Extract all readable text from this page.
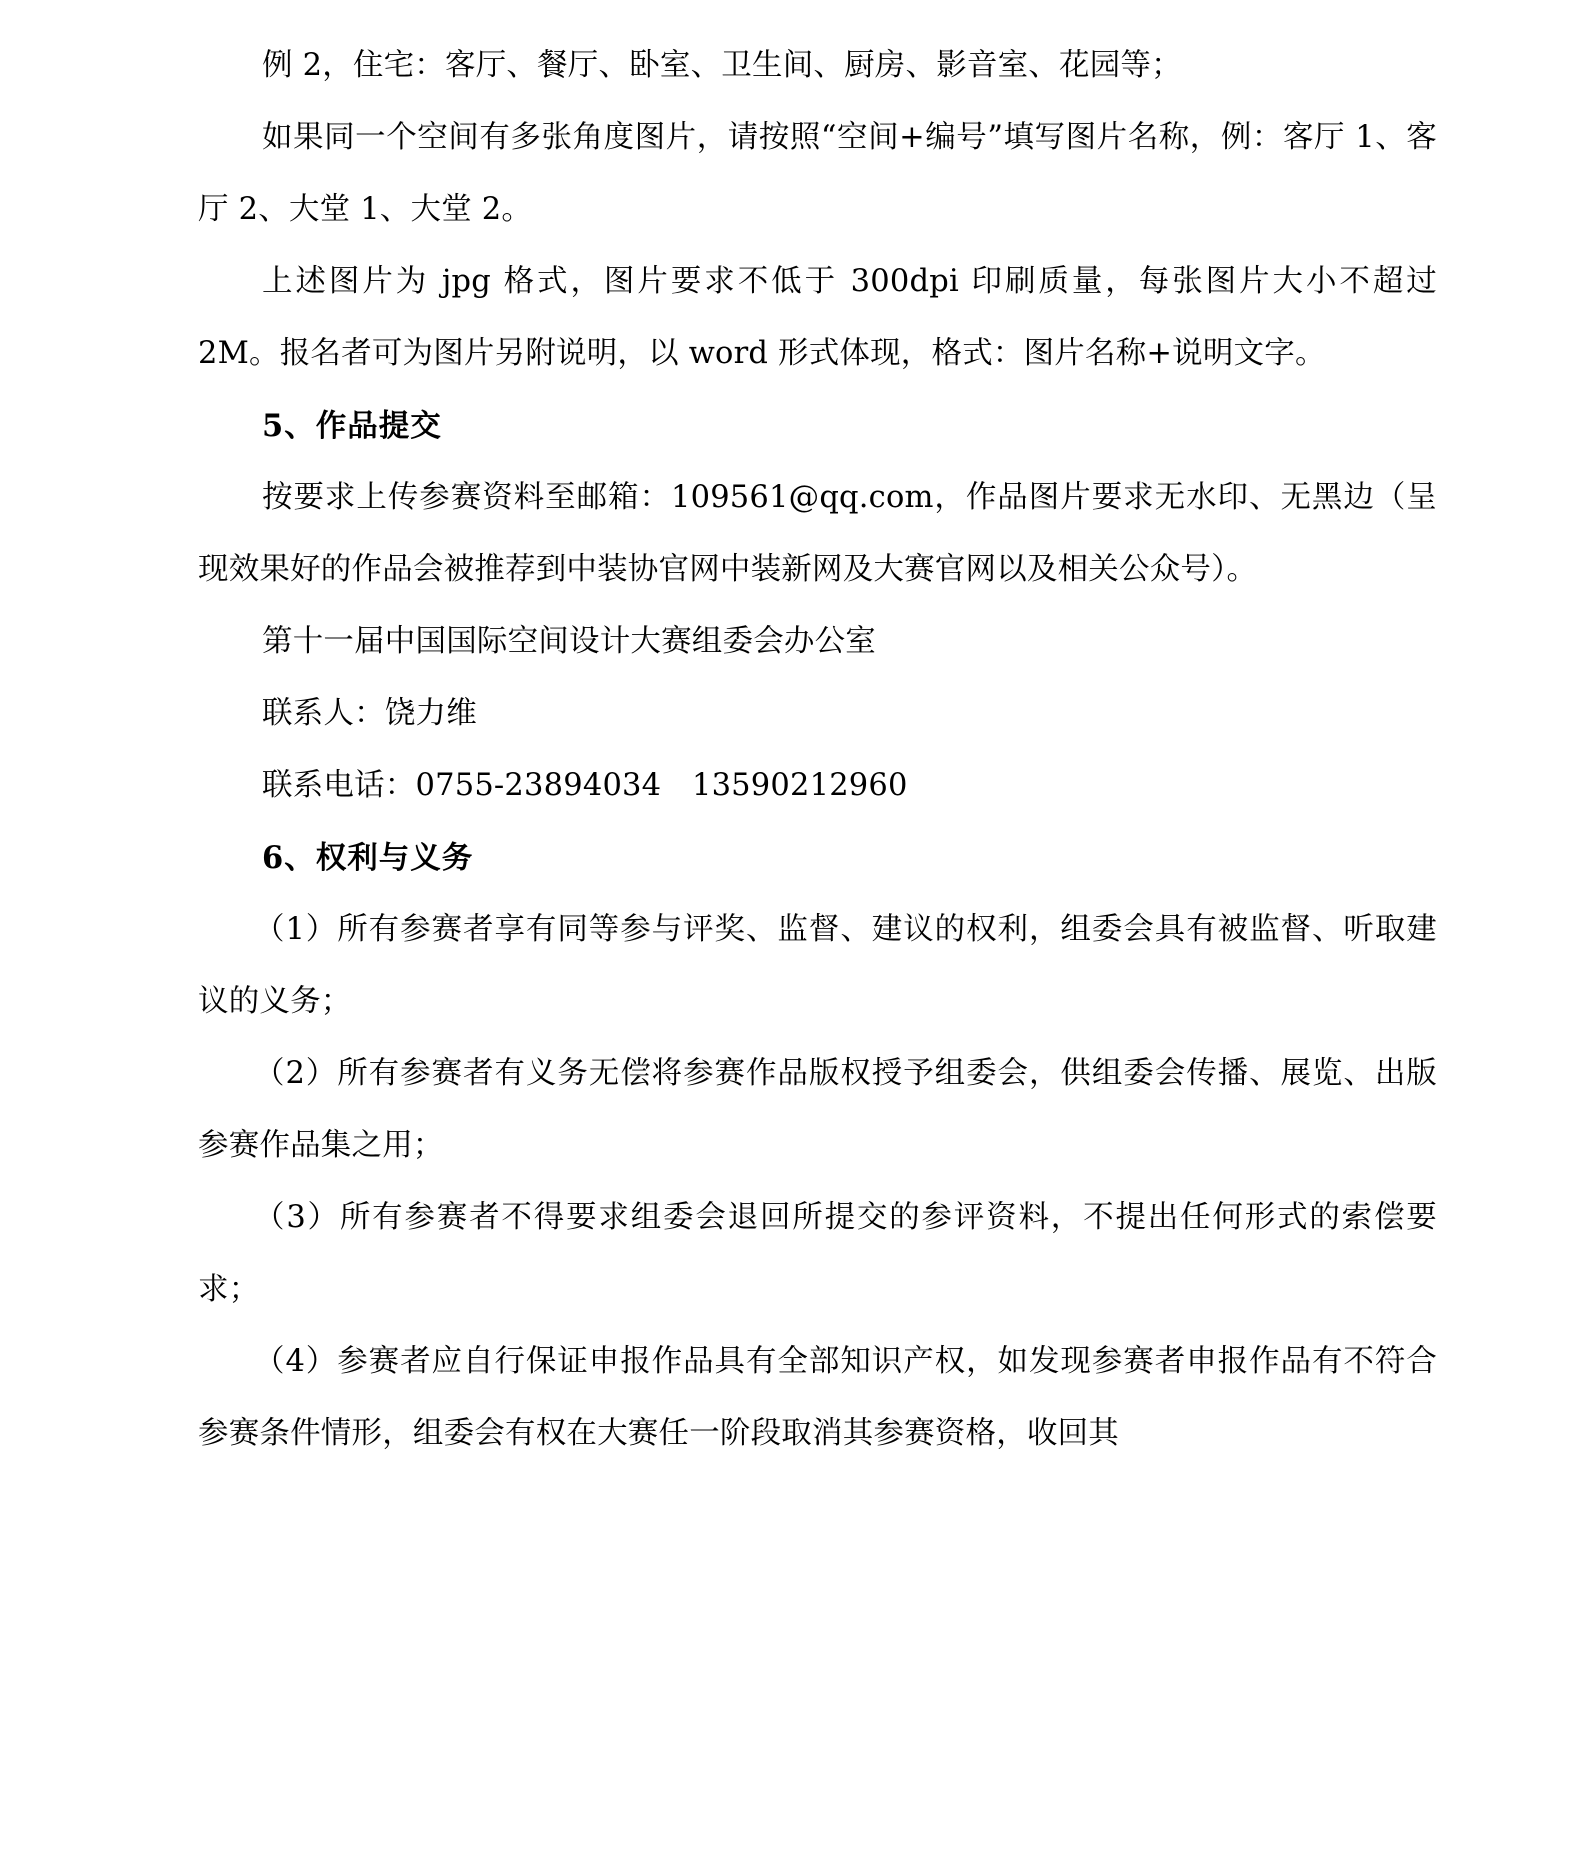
例 2，住宅：客厅、餐厅、卧室、卫生间、厨房、影音室、花园等；

如果同一个空间有多张角度图片，请按照“空间+编号”填写图片名称，例：客厅 1、客厅 2、大堂 1、大堂 2。

上述图片为 jpg 格式，图片要求不低于 300dpi 印刷质量，每张图片大小不超过 2M。报名者可为图片另附说明，以 word 形式体现，格式：图片名称+说明文字。

5、作品提交

按要求上传参赛资料至邮箱：109561@qq.com，作品图片要求无水印、无黑边（呈现效果好的作品会被推荐到中装协官网中装新网及大赛官网以及相关公众号）。

第十一届中国国际空间设计大赛组委会办公室

联系人：饶力维

联系电话：0755-23894034　13590212960

6、权利与义务

（1）所有参赛者享有同等参与评奖、监督、建议的权利，组委会具有被监督、听取建议的义务；

（2）所有参赛者有义务无偿将参赛作品版权授予组委会，供组委会传播、展览、出版参赛作品集之用；

（3）所有参赛者不得要求组委会退回所提交的参评资料，不提出任何形式的索偿要求；

（4）参赛者应自行保证申报作品具有全部知识产权，如发现参赛者申报作品有不符合参赛条件情形，组委会有权在大赛任一阶段取消其参赛资格，收回其
